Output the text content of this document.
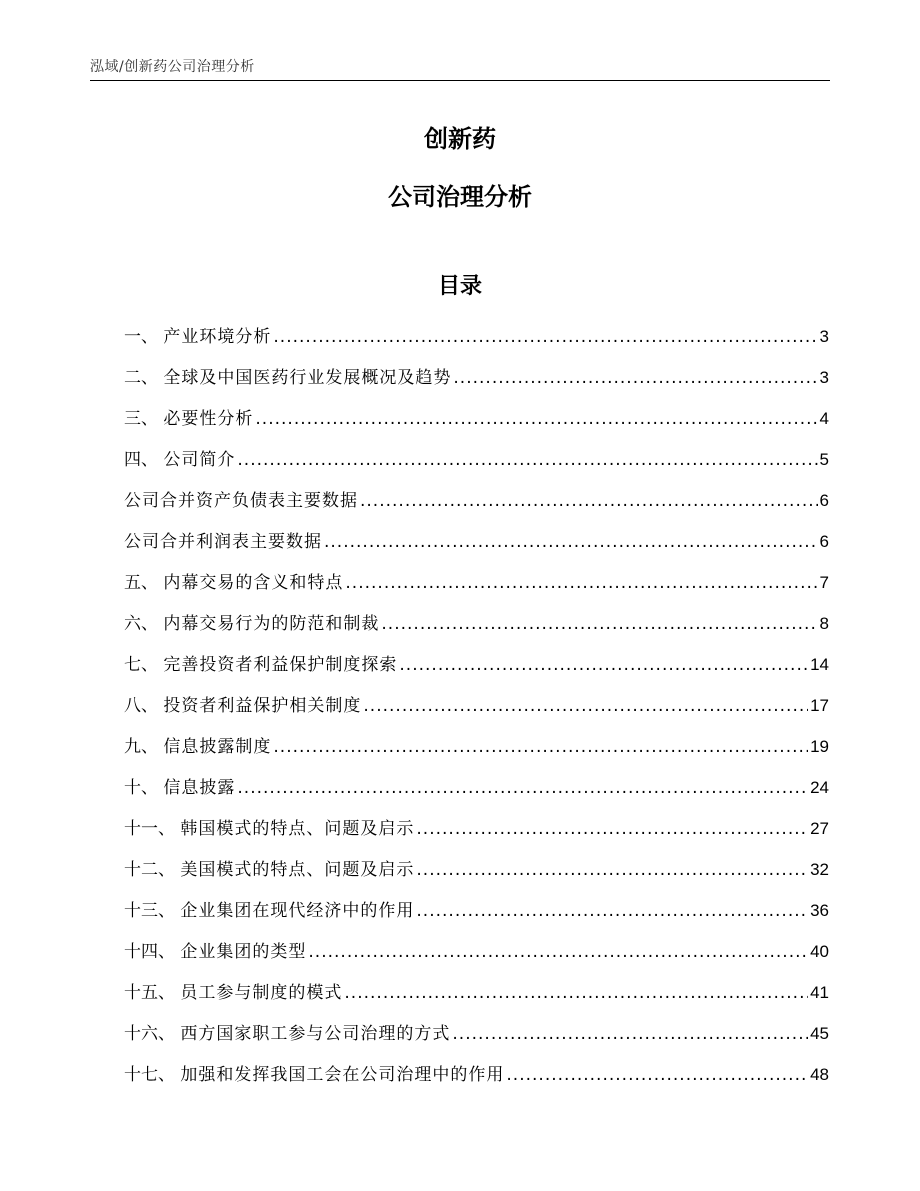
泓域/创新药公司治理分析
创新药
公司治理分析
目录
一、 产业环境分析 .....	3
二、 全球及中国医药行业发展概况及趋势 .....	3
三、 必要性分析 .....	4
四、 公司简介 .....	5
公司合并资产负债表主要数据 .....	6
公司合并利润表主要数据 .....	6
五、 内幕交易的含义和特点 .....	7
六、 内幕交易行为的防范和制裁 .....	8
七、 完善投资者利益保护制度探索 .....	14
八、 投资者利益保护相关制度 .....	17
九、 信息披露制度 .....	19
十、 信息披露 .....	24
十一、 韩国模式的特点、问题及启示 .....	27
十二、 美国模式的特点、问题及启示 .....	32
十三、 企业集团在现代经济中的作用 .....	36
十四、 企业集团的类型 .....	40
十五、 员工参与制度的模式 .....	41
十六、 西方国家职工参与公司治理的方式 .....	45
十七、 加强和发挥我国工会在公司治理中的作用 .....	48
